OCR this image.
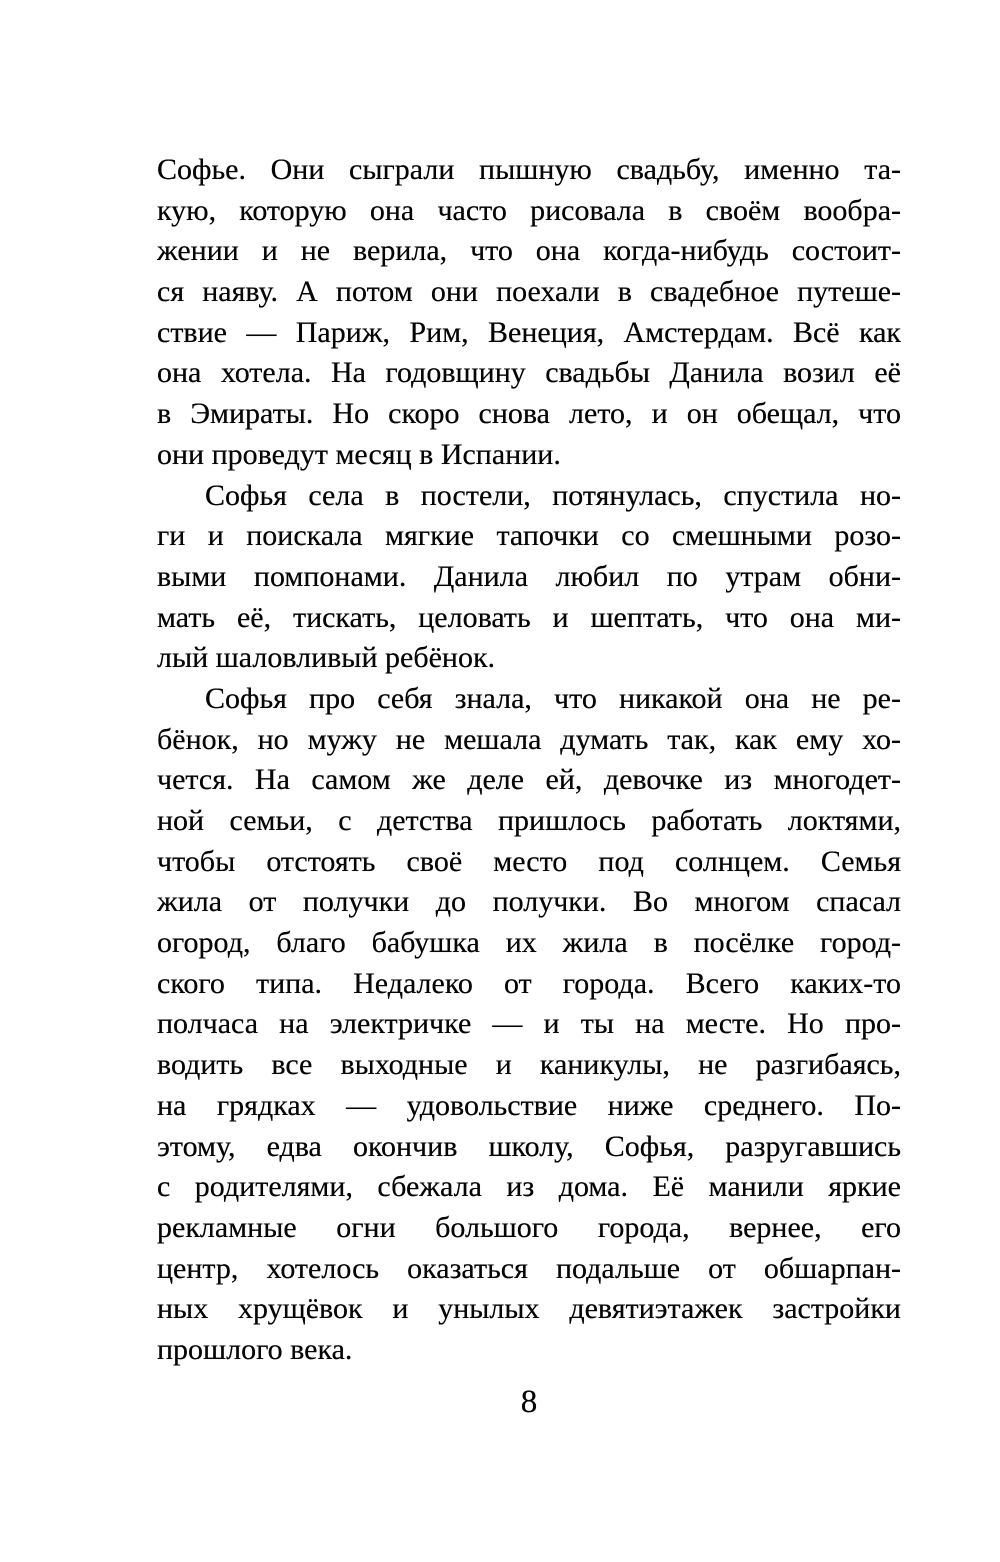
Софье. Они сыграли пышную свадьбу, именно та-
кую, которую она часто рисовала в своём вообра-
жении и не верила, что она когда-нибудь состоит-
ся наяву. А потом они поехали в свадебное путеше-
ствие — Париж, Рим, Венеция, Амстердам. Всё как
она хотела. На годовщину свадьбы Данила возил её
в Эмираты. Но скоро снова лето, и он обещал, что
они проведут месяц в Испании.
Софья села в постели, потянулась, спустила но-
ги и поискала мягкие тапочки со смешными розо-
выми помпонами. Данила любил по утрам обни-
мать её, тискать, целовать и шептать, что она ми-
лый шаловливый ребёнок.
Софья про себя знала, что никакой она не ре-
бёнок, но мужу не мешала думать так, как ему хо-
чется. На самом же деле ей, девочке из многодет-
ной семьи, с детства пришлось работать локтями,
чтобы отстоять своё место под солнцем. Семья
жила от получки до получки. Во многом спасал
огород, благо бабушка их жила в посёлке город-
ского типа. Недалеко от города. Всего каких-то
полчаса на электричке — и ты на месте. Но про-
водить все выходные и каникулы, не разгибаясь,
на грядках — удовольствие ниже среднего. По-
этому, едва окончив школу, Софья, разругавшись
с родителями, сбежала из дома. Её манили яркие
рекламные огни большого города, вернее, его
центр, хотелось оказаться подальше от обшарпан-
ных хрущёвок и унылых девятиэтажек застройки
прошлого века.
8
